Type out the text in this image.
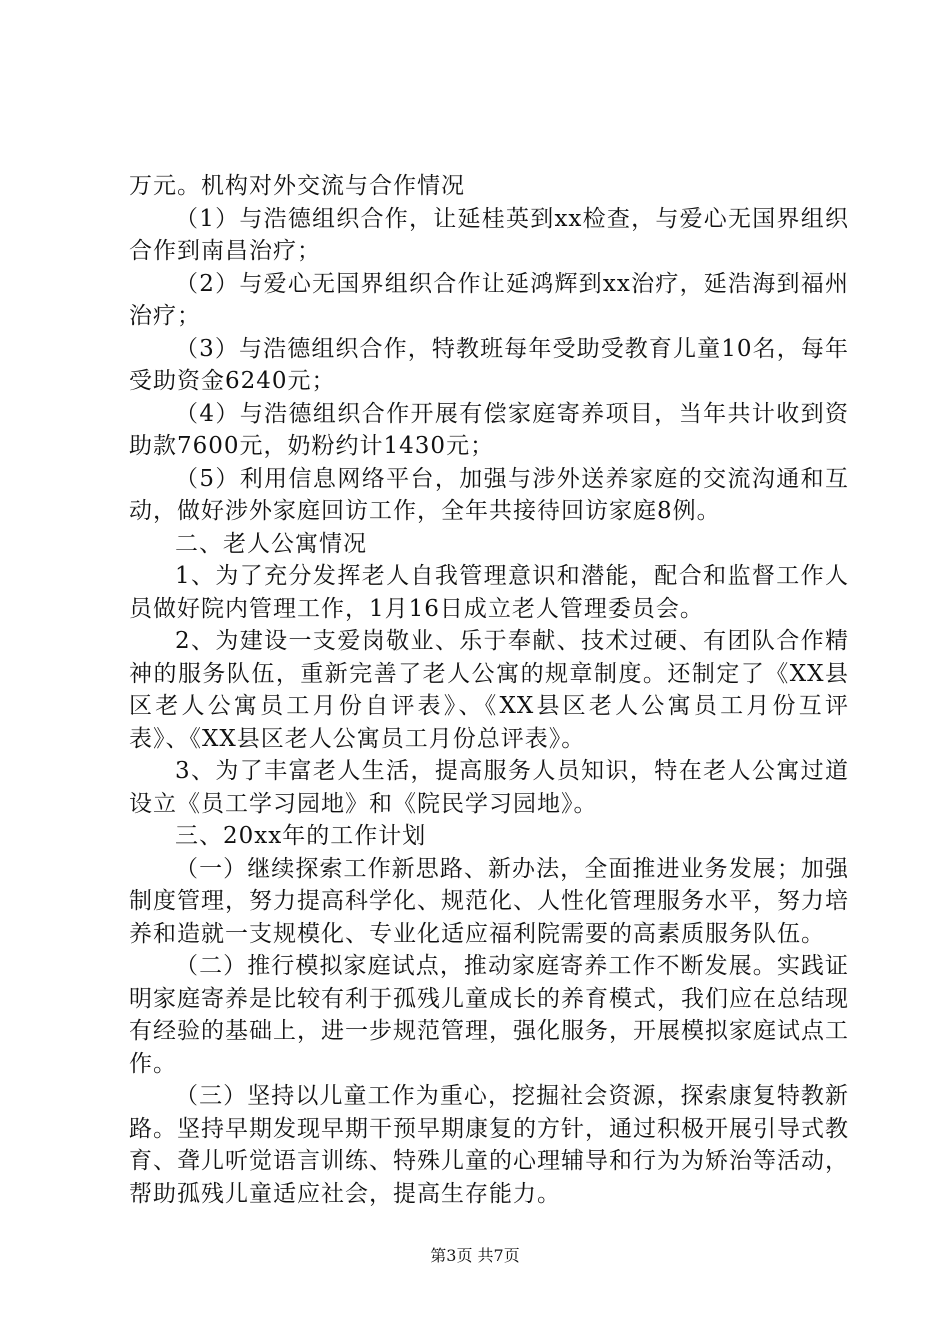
万元。机构对外交流与合作情况

（1）与浩德组织合作，让延桂英到xx检查，与爱心无国界组织合作到南昌治疗；

（2）与爱心无国界组织合作让延鸿辉到xx治疗，延浩海到福州治疗；

（3）与浩德组织合作，特教班每年受助受教育儿童10名，每年受助资金6240元；

（4）与浩德组织合作开展有偿家庭寄养项目，当年共计收到资助款7600元，奶粉约计1430元；

（5）利用信息网络平台，加强与涉外送养家庭的交流沟通和互动，做好涉外家庭回访工作，全年共接待回访家庭8例。

二、老人公寓情况

1、为了充分发挥老人自我管理意识和潜能，配合和监督工作人员做好院内管理工作，1月16日成立老人管理委员会。

2、为建设一支爱岗敬业、乐于奉献、技术过硬、有团队合作精神的服务队伍，重新完善了老人公寓的规章制度。还制定了《XX县区老人公寓员工月份自评表》、《XX县区老人公寓员工月份互评表》、《XX县区老人公寓员工月份总评表》。

3、为了丰富老人生活，提高服务人员知识，特在老人公寓过道设立《员工学习园地》和《院民学习园地》。

三、20xx年的工作计划

（一）继续探索工作新思路、新办法，全面推进业务发展；加强制度管理，努力提高科学化、规范化、人性化管理服务水平，努力培养和造就一支规模化、专业化适应福利院需要的高素质服务队伍。

（二）推行模拟家庭试点，推动家庭寄养工作不断发展。实践证明家庭寄养是比较有利于孤残儿童成长的养育模式，我们应在总结现有经验的基础上，进一步规范管理，强化服务，开展模拟家庭试点工作。

（三）坚持以儿童工作为重心，挖掘社会资源，探索康复特教新路。坚持早期发现早期干预早期康复的方针，通过积极开展引导式教育、聋儿听觉语言训练、特殊儿童的心理辅导和行为为矫治等活动，帮助孤残儿童适应社会，提高生存能力。

第3页 共7页
